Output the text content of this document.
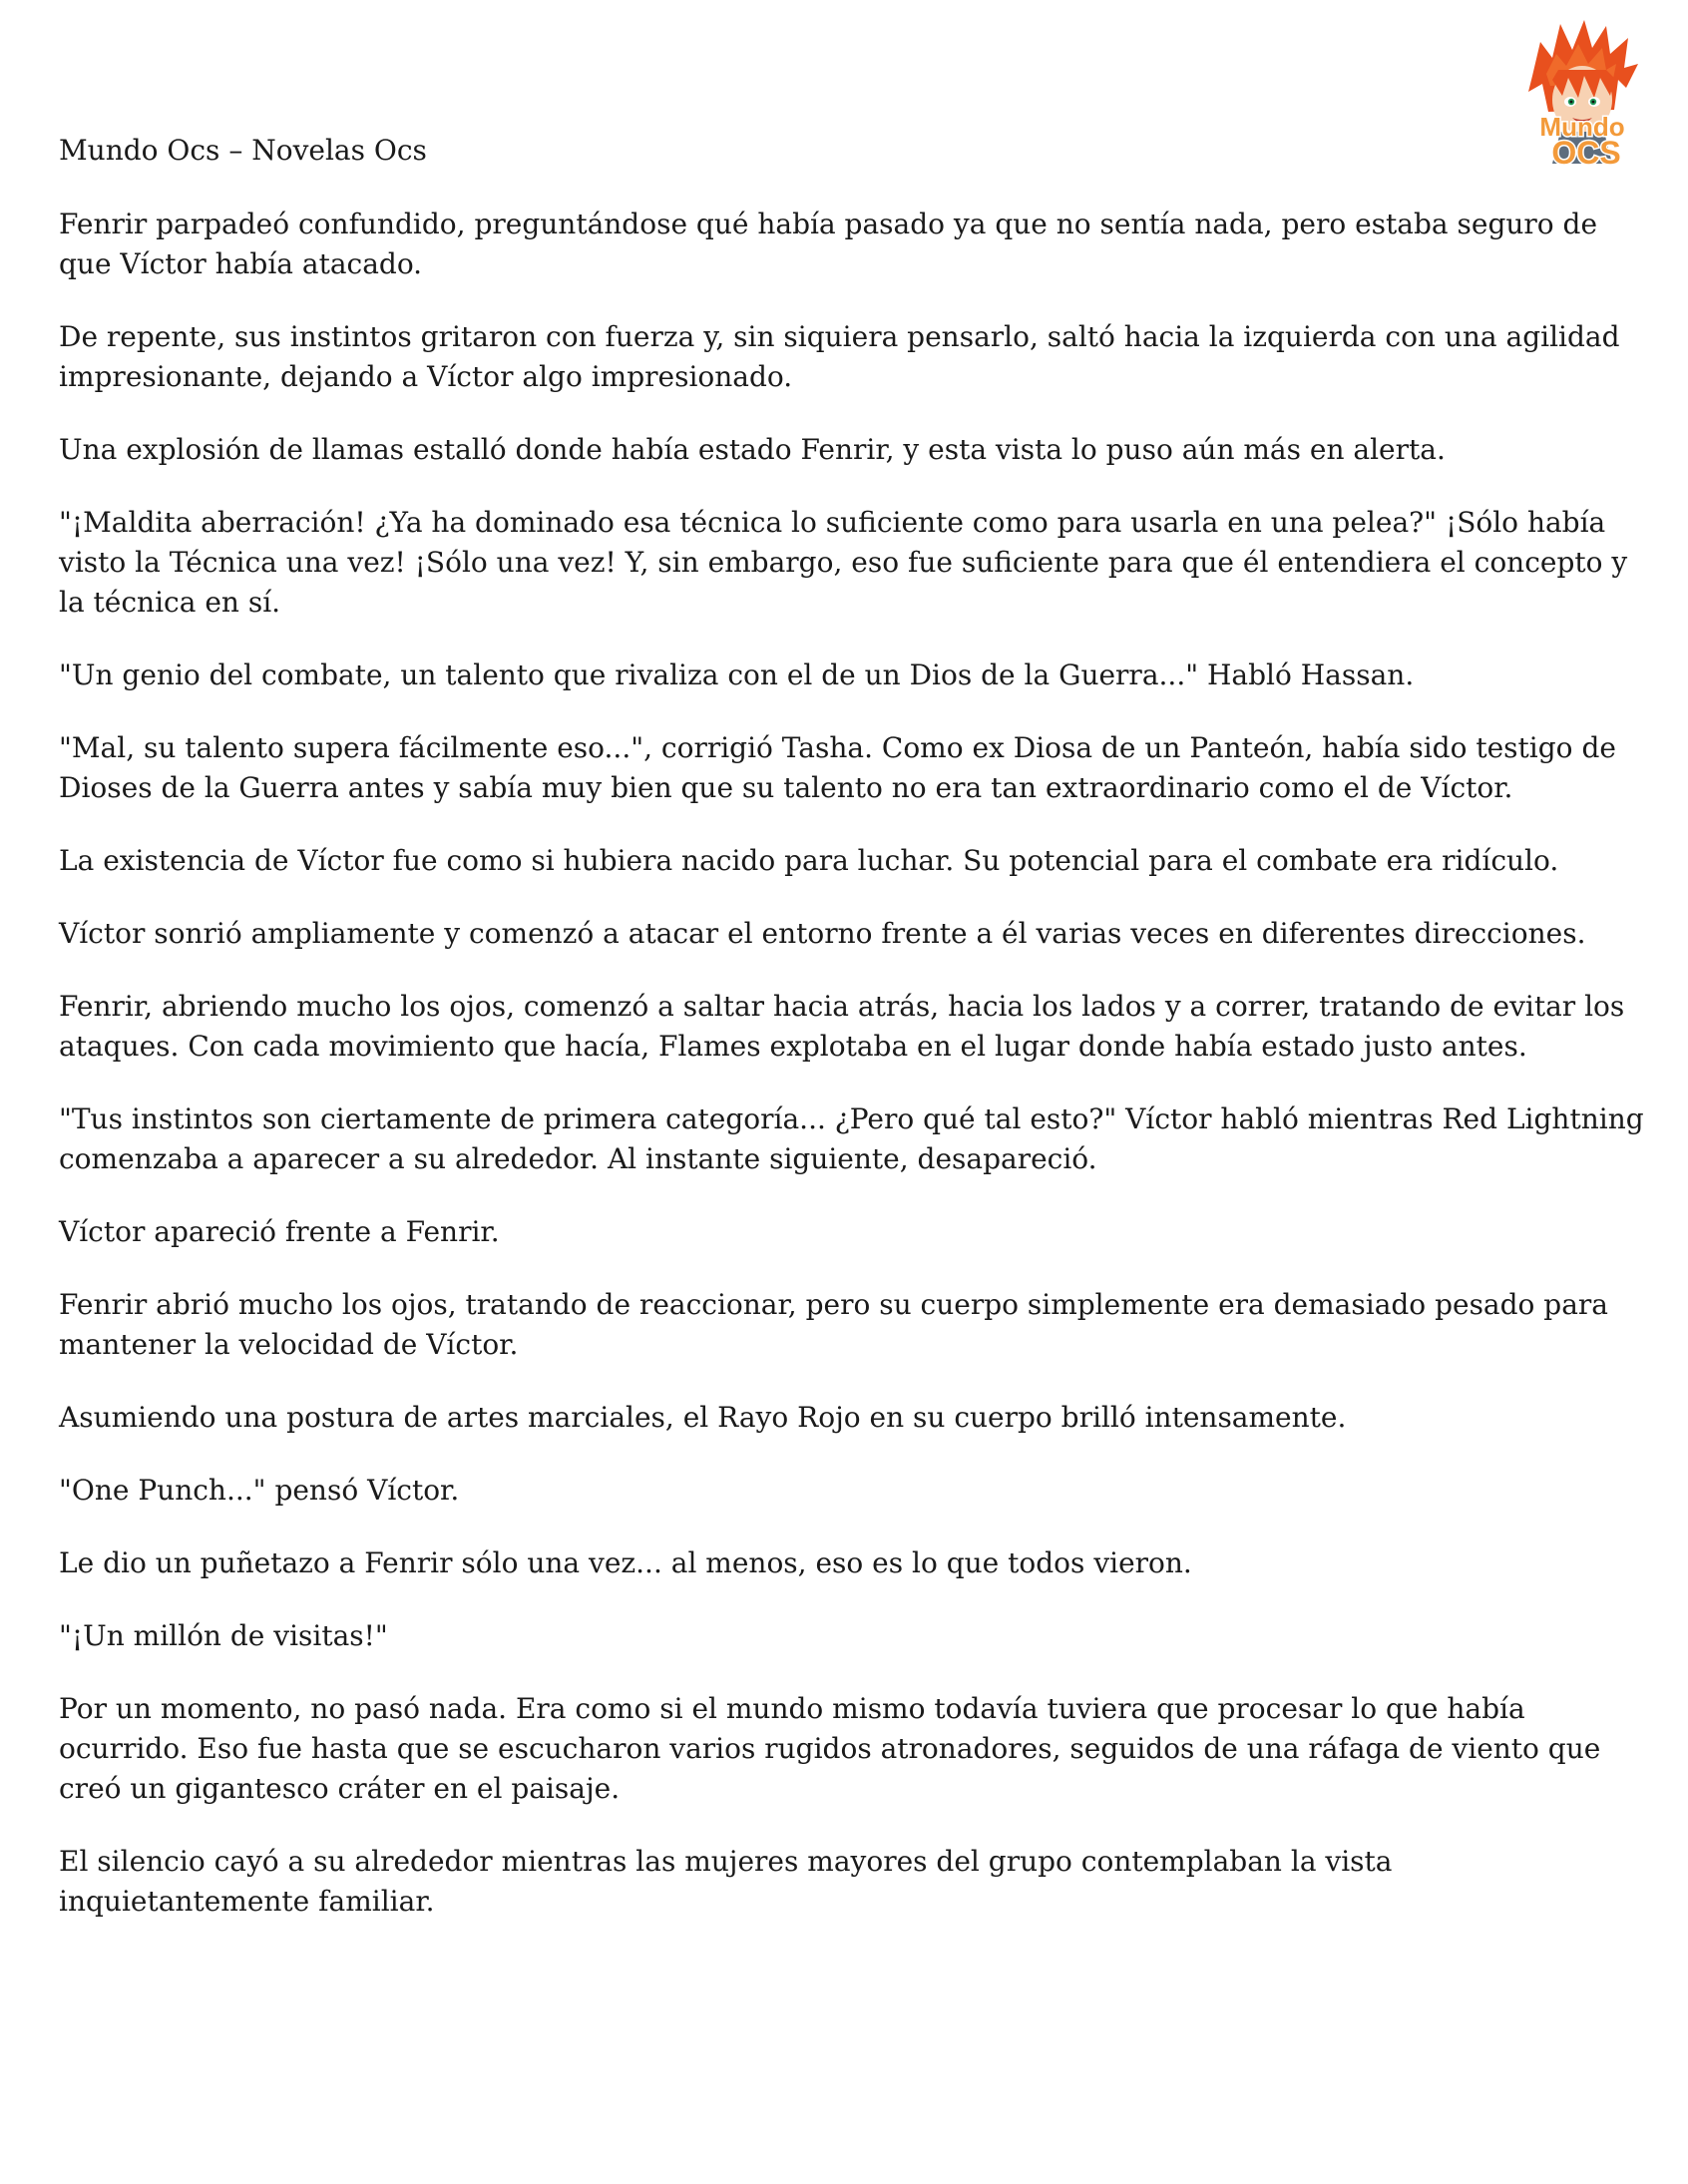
Mundo
OCS
Mundo Ocs – Novelas Ocs

Fenrir parpadeó confundido, preguntándose qué había pasado ya que no sentía nada, pero estaba seguro de que Víctor había atacado.

De repente, sus instintos gritaron con fuerza y, sin siquiera pensarlo, saltó hacia la izquierda con una agilidad impresionante, dejando a Víctor algo impresionado.

Una explosión de llamas estalló donde había estado Fenrir, y esta vista lo puso aún más en alerta.

"¡Maldita aberración! ¿Ya ha dominado esa técnica lo suficiente como para usarla en una pelea?" ¡Sólo había visto la Técnica una vez! ¡Sólo una vez! Y, sin embargo, eso fue suficiente para que él entendiera el concepto y la técnica en sí.

"Un genio del combate, un talento que rivaliza con el de un Dios de la Guerra..." Habló Hassan.

"Mal, su talento supera fácilmente eso...", corrigió Tasha. Como ex Diosa de un Panteón, había sido testigo de Dioses de la Guerra antes y sabía muy bien que su talento no era tan extraordinario como el de Víctor.

La existencia de Víctor fue como si hubiera nacido para luchar. Su potencial para el combate era ridículo.

Víctor sonrió ampliamente y comenzó a atacar el entorno frente a él varias veces en diferentes direcciones.

Fenrir, abriendo mucho los ojos, comenzó a saltar hacia atrás, hacia los lados y a correr, tratando de evitar los ataques. Con cada movimiento que hacía, Flames explotaba en el lugar donde había estado justo antes.

"Tus instintos son ciertamente de primera categoría... ¿Pero qué tal esto?" Víctor habló mientras Red Lightning comenzaba a aparecer a su alrededor. Al instante siguiente, desapareció.

Víctor apareció frente a Fenrir.

Fenrir abrió mucho los ojos, tratando de reaccionar, pero su cuerpo simplemente era demasiado pesado para mantener la velocidad de Víctor.

Asumiendo una postura de artes marciales, el Rayo Rojo en su cuerpo brilló intensamente.

"One Punch..." pensó Víctor.

Le dio un puñetazo a Fenrir sólo una vez... al menos, eso es lo que todos vieron.

"¡Un millón de visitas!"

Por un momento, no pasó nada. Era como si el mundo mismo todavía tuviera que procesar lo que había ocurrido. Eso fue hasta que se escucharon varios rugidos atronadores, seguidos de una ráfaga de viento que creó un gigantesco cráter en el paisaje.

El silencio cayó a su alrededor mientras las mujeres mayores del grupo contemplaban la vista inquietantemente familiar.
